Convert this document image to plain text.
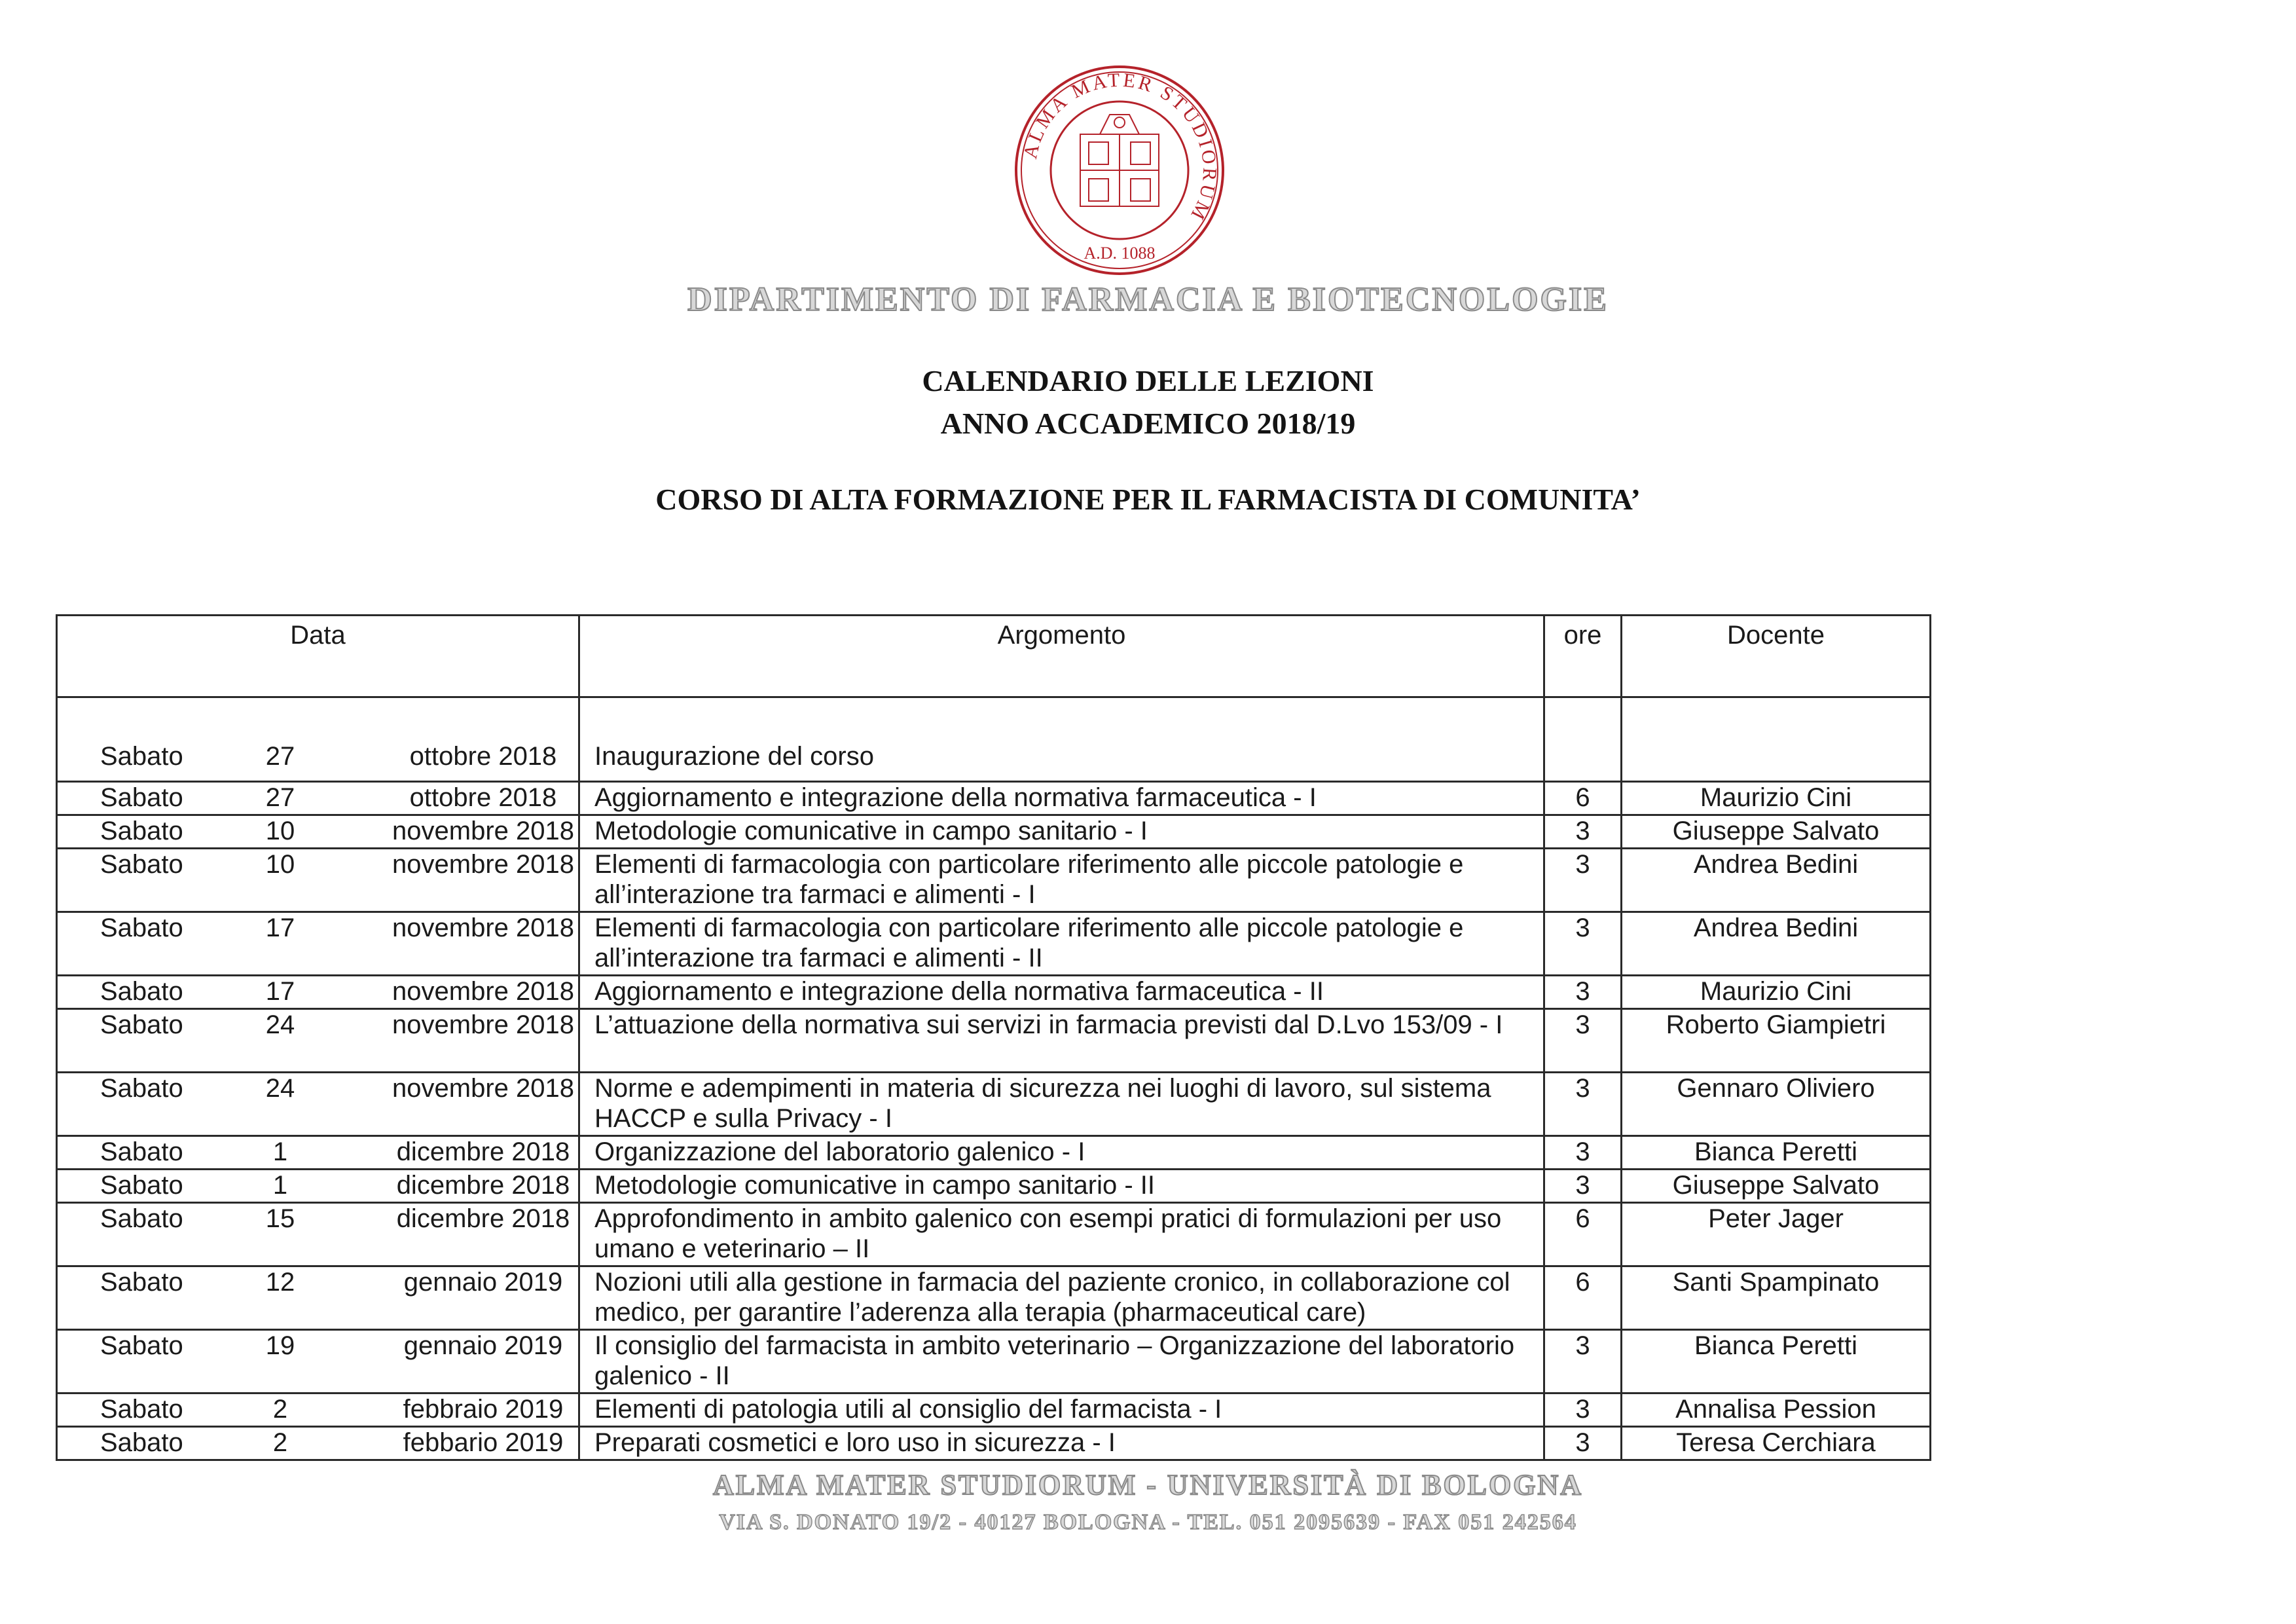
ALMA MATER STUDIORUM
A.D. 1088
DIPARTIMENTO DI FARMACIA E BIOTECNOLOGIE
CALENDARIO DELLE LEZIONI
ANNO ACCADEMICO 2018/19
CORSO DI ALTA FORMAZIONE PER IL FARMACISTA DI COMUNITA’
Data	Argomento	ore	Docente

Sabato 27 ottobre 2018	Inaugurazione del corso		

Sabato 27 ottobre 2018	Aggiornamento e integrazione della normativa farmaceutica - I	6	Maurizio Cini

Sabato 10 novembre 2018	Metodologie comunicative in campo sanitario - I	3	Giuseppe Salvato

Sabato 10 novembre 2018	Elementi di farmacologia con particolare riferimento alle piccole patologie e all’interazione tra farmaci e alimenti - I	3	Andrea Bedini

Sabato 17 novembre 2018	Elementi di farmacologia con particolare riferimento alle piccole patologie e all’interazione tra farmaci e alimenti - II	3	Andrea Bedini

Sabato 17 novembre 2018	Aggiornamento e integrazione della normativa farmaceutica - II	3	Maurizio Cini

Sabato 24 novembre 2018	L’attuazione della normativa sui servizi in farmacia previsti dal D.Lvo 153/09 - I	3	Roberto Giampietri

Sabato 24 novembre 2018	Norme e adempimenti in materia di sicurezza nei luoghi di lavoro, sul sistema HACCP e sulla Privacy - I	3	Gennaro Oliviero

Sabato 1 dicembre 2018	Organizzazione del laboratorio galenico - I	3	Bianca Peretti

Sabato 1 dicembre 2018	Metodologie comunicative in campo sanitario - II	3	Giuseppe Salvato

Sabato 15 dicembre 2018	Approfondimento in ambito galenico con esempi pratici di formulazioni per uso umano e veterinario – II	6	Peter Jager

Sabato 12 gennaio 2019	Nozioni utili alla gestione in farmacia del paziente cronico, in collaborazione col medico, per garantire l’aderenza alla terapia (pharmaceutical care)	6	Santi Spampinato

Sabato 19 gennaio 2019	Il consiglio del farmacista in ambito veterinario – Organizzazione del laboratorio galenico - II	3	Bianca Peretti

Sabato 2 febbraio 2019	Elementi di patologia utili al consiglio del farmacista - I	3	Annalisa Pession

Sabato 2 febbario 2019	Preparati cosmetici e loro uso in sicurezza - I	3	Teresa Cerchiara
ALMA MATER STUDIORUM - UNIVERSITÀ DI BOLOGNA
VIA S. DONATO 19/2 - 40127 BOLOGNA - TEL. 051 2095639 - FAX 051 242564
